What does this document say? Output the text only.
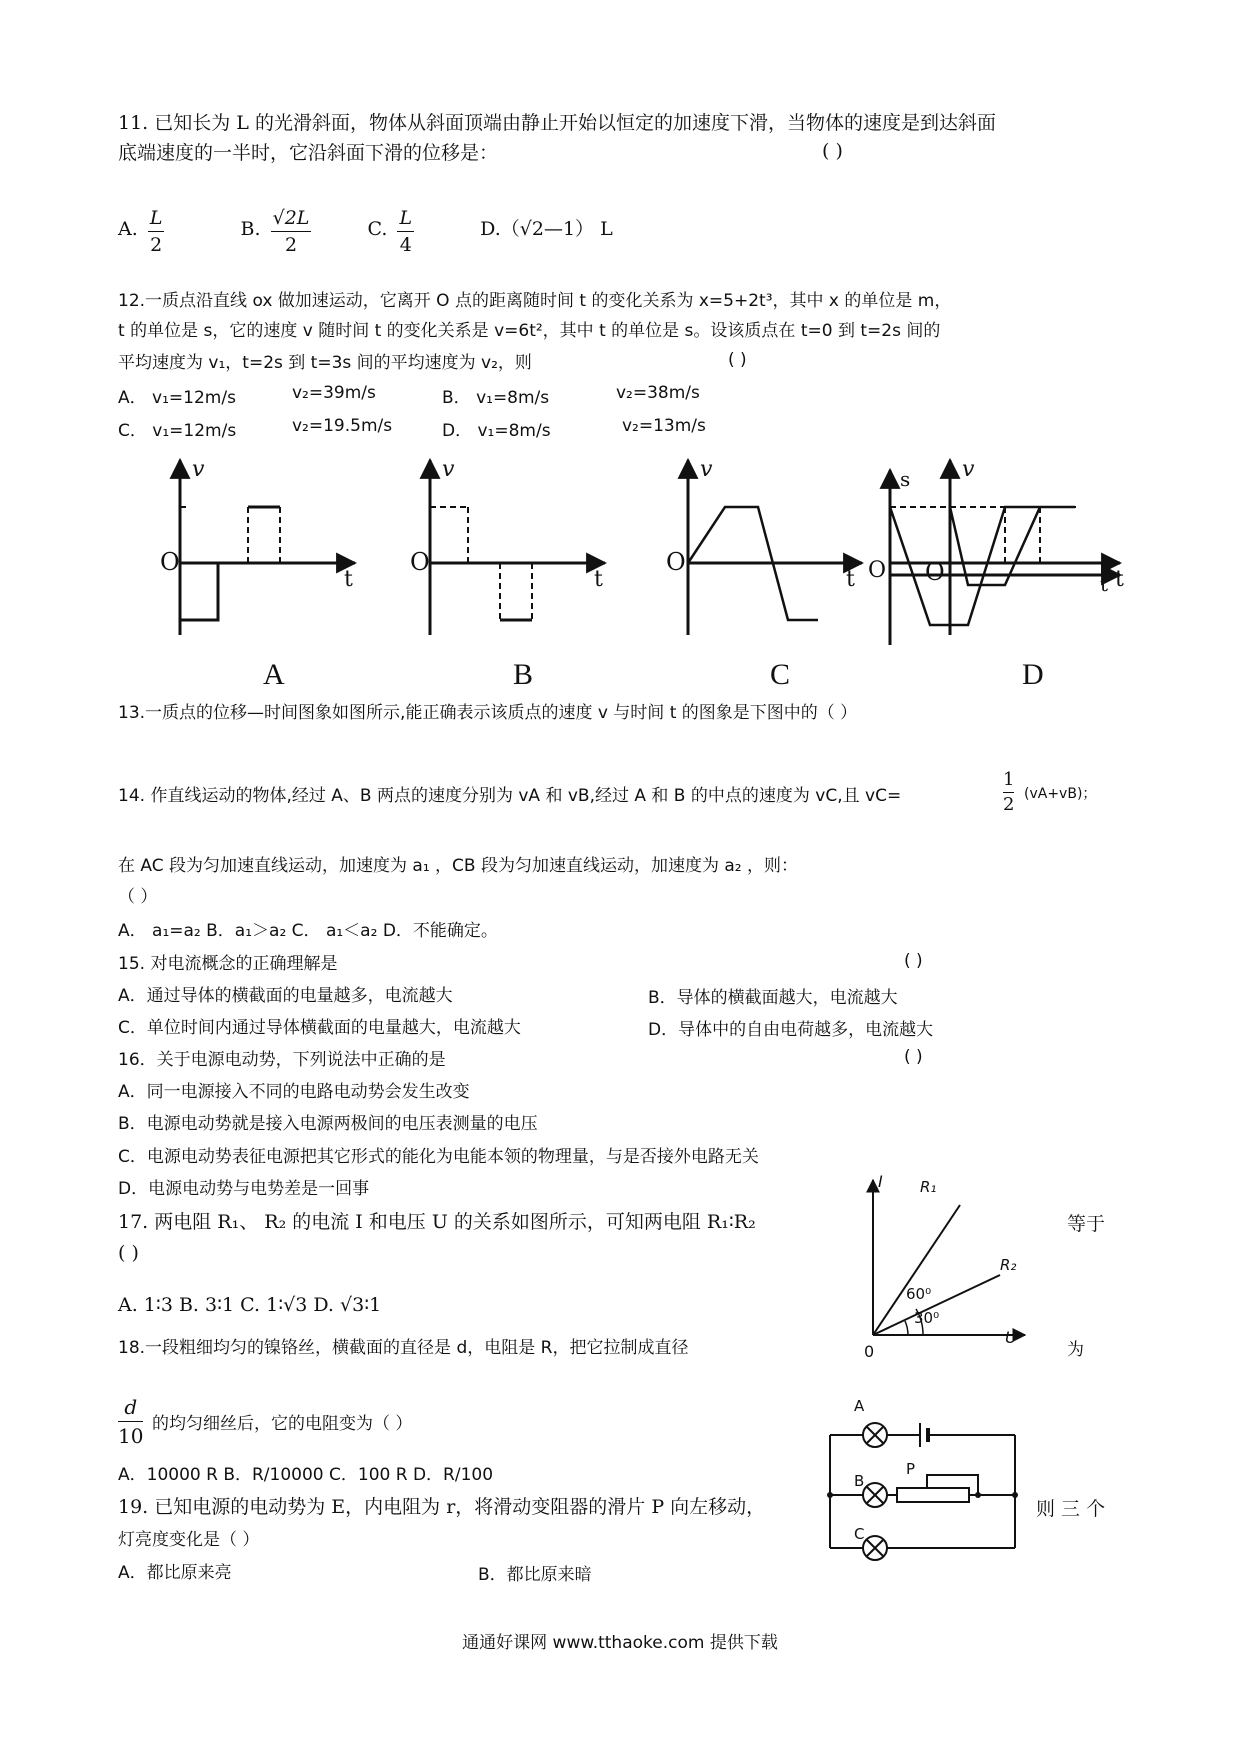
11. 已知长为 L 的光滑斜面，物体从斜面顶端由静止开始以恒定的加速度下滑，当物体的速度是到达斜面
底端速度的一半时，它沿斜面下滑的位移是：	( )
A. $\frac{L}{2}$	B. $\frac{√2L}{2}$	C. $\frac{L}{4}$	D.（√2—1） L
12.一质点沿直线 ox 做加速运动，它离开 O 点的距离随时间 t 的变化关系为 x=5+2t³，其中 x 的单位是 m，
t 的单位是 s，它的速度 v 随时间 t 的变化关系是 v=6t²，其中 t 的单位是 s。设该质点在 t=0 到 t=2s 间的
平均速度为 v₁，t=2s 到 t=3s 间的平均速度为 v₂，则	( )
A． v₁=12m/s	v₂=39m/s	B． v₁=8m/s	v₂=38m/s
C． v₁=12m/s	v₂=19.5m/s	D． v₁=8m/s	v₂=13m/s
v
O
t
v
O
t
v
O
t
s v
O O	t t
A	B	C	D
13.一质点的位移—时间图象如图所示,能正确表示该质点的速度 v 与时间 t 的图象是下图中的（ ）
14. 作直线运动的物体,经过 A、B 两点的速度分别为 vA 和 vB,经过 A 和 B 的中点的速度为 vC,且 vC=	$\frac{1}{2} (vA+vB)$；
在 AC 段为匀加速直线运动，加速度为 a₁ ，CB 段为匀加速直线运动，加速度为 a₂ ，则：
（ ）
A． a₁=a₂ B．a₁＞a₂ C． a₁＜a₂ D．不能确定。
15. 对电流概念的正确理解是	( )
A．通过导体的横截面的电量越多，电流越大	B．导体的横截面越大，电流越大
C．单位时间内通过导体横截面的电量越大，电流越大	D．导体中的自由电荷越多，电流越大
16．关于电源电动势，下列说法中正确的是	( )
A．同一电源接入不同的电路电动势会发生改变
B．电源电动势就是接入电源两极间的电压表测量的电压
C．电源电动势表征电源把其它形式的能化为电能本领的物理量，与是否接外电路无关
D．电源电动势与电势差是一回事
17. 两电阻 R₁、 R₂ 的电流 I 和电压 U 的关系如图所示，可知两电阻 R₁∶R₂	等于
( )
A. 1∶3 B. 3∶1 C. 1∶√3 D. √3∶1
I
U
0
R₁
R₂
60⁰
30⁰
18.一段粗细均匀的镍铬丝，横截面的直径是 d，电阻是 R，把它拉制成直径	为
$\frac{d}{10}$ 的均匀细丝后，它的电阻变为（ ）
A．10000 R B．R/10000 C．100 R D．R/100
19. 已知电源的电动势为 E，内电阻为 r，将滑动变阻器的滑片 P 向左移动，	则 三 个
灯亮度变化是（ ）
A．都比原来亮	B．都比原来暗
A
B
C
P
通通好课网 www.tthaoke.com 提供下载
